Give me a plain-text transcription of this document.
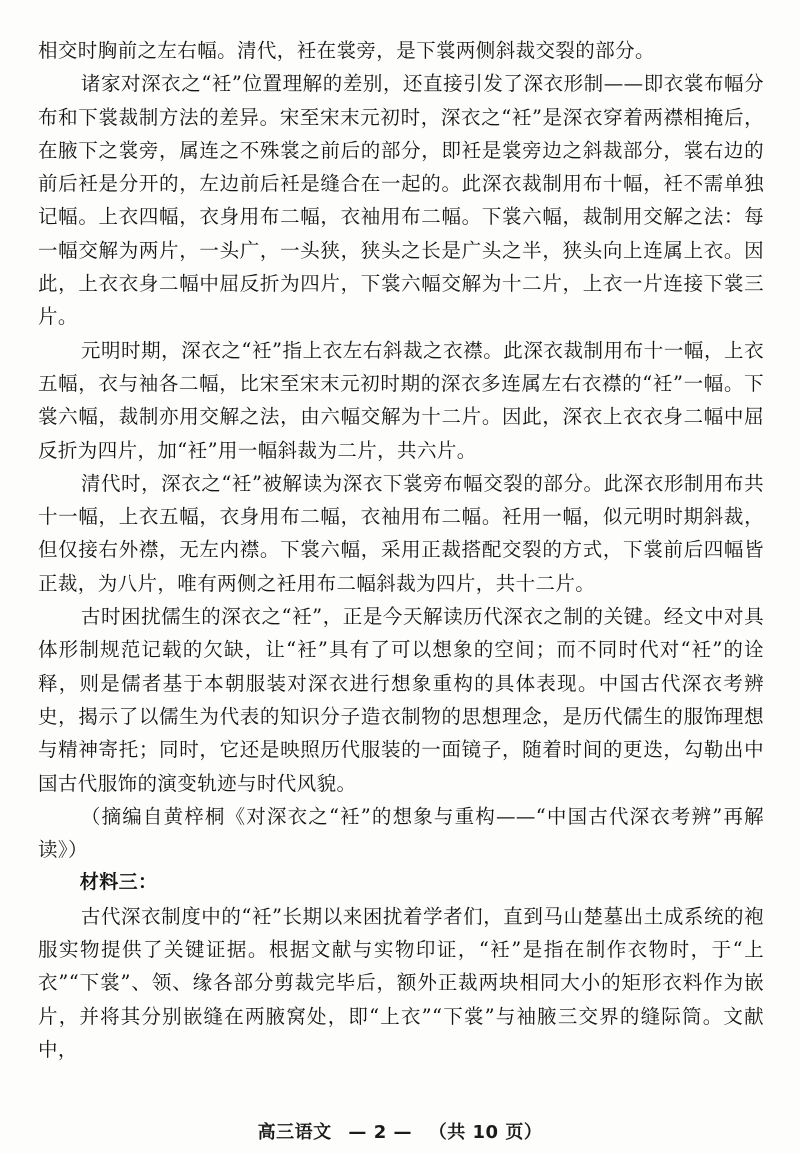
相交时胸前之左右幅。清代，衽在裳旁，是下裳两侧斜裁交裂的部分。

诸家对深衣之“衽”位置理解的差别，还直接引发了深衣形制——即衣裳布幅分布和下裳裁制方法的差异。宋至宋末元初时，深衣之“衽”是深衣穿着两襟相掩后，在腋下之裳旁，属连之不殊裳之前后的部分，即衽是裳旁边之斜裁部分，裳右边的前后衽是分开的，左边前后衽是缝合在一起的。此深衣裁制用布十幅，衽不需单独记幅。上衣四幅，衣身用布二幅，衣袖用布二幅。下裳六幅，裁制用交解之法：每一幅交解为两片，一头广，一头狭，狭头之长是广头之半，狭头向上连属上衣。因此，上衣衣身二幅中屈反折为四片，下裳六幅交解为十二片，上衣一片连接下裳三片。

元明时期，深衣之“衽”指上衣左右斜裁之衣襟。此深衣裁制用布十一幅，上衣五幅，衣与袖各二幅，比宋至宋末元初时期的深衣多连属左右衣襟的“衽”一幅。下裳六幅，裁制亦用交解之法，由六幅交解为十二片。因此，深衣上衣衣身二幅中屈反折为四片，加“衽”用一幅斜裁为二片，共六片。

清代时，深衣之“衽”被解读为深衣下裳旁布幅交裂的部分。此深衣形制用布共十一幅，上衣五幅，衣身用布二幅，衣袖用布二幅。衽用一幅，似元明时期斜裁，但仅接右外襟，无左内襟。下裳六幅，采用正裁搭配交裂的方式，下裳前后四幅皆正裁，为八片，唯有两侧之衽用布二幅斜裁为四片，共十二片。

古时困扰儒生的深衣之“衽”，正是今天解读历代深衣之制的关键。经文中对具体形制规范记载的欠缺，让“衽”具有了可以想象的空间；而不同时代对“衽”的诠释，则是儒者基于本朝服装对深衣进行想象重构的具体表现。中国古代深衣考辨史，揭示了以儒生为代表的知识分子造衣制物的思想理念，是历代儒生的服饰理想与精神寄托；同时，它还是映照历代服装的一面镜子，随着时间的更迭，勾勒出中国古代服饰的演变轨迹与时代风貌。

（摘编自黄梓桐《对深衣之“衽”的想象与重构——“中国古代深衣考辨”再解读》）

材料三：

古代深衣制度中的“衽”长期以来困扰着学者们，直到马山楚墓出土成系统的袍服实物提供了关键证据。根据文献与实物印证，“衽”是指在制作衣物时，于“上衣”“下裳”、领、缘各部分剪裁完毕后，额外正裁两块相同大小的矩形衣料作为嵌片，并将其分别嵌缝在两腋窝处，即“上衣”“下裳”与袖腋三交界的缝际筒。文献中，

高三语文 — 2 — （共 10 页）
